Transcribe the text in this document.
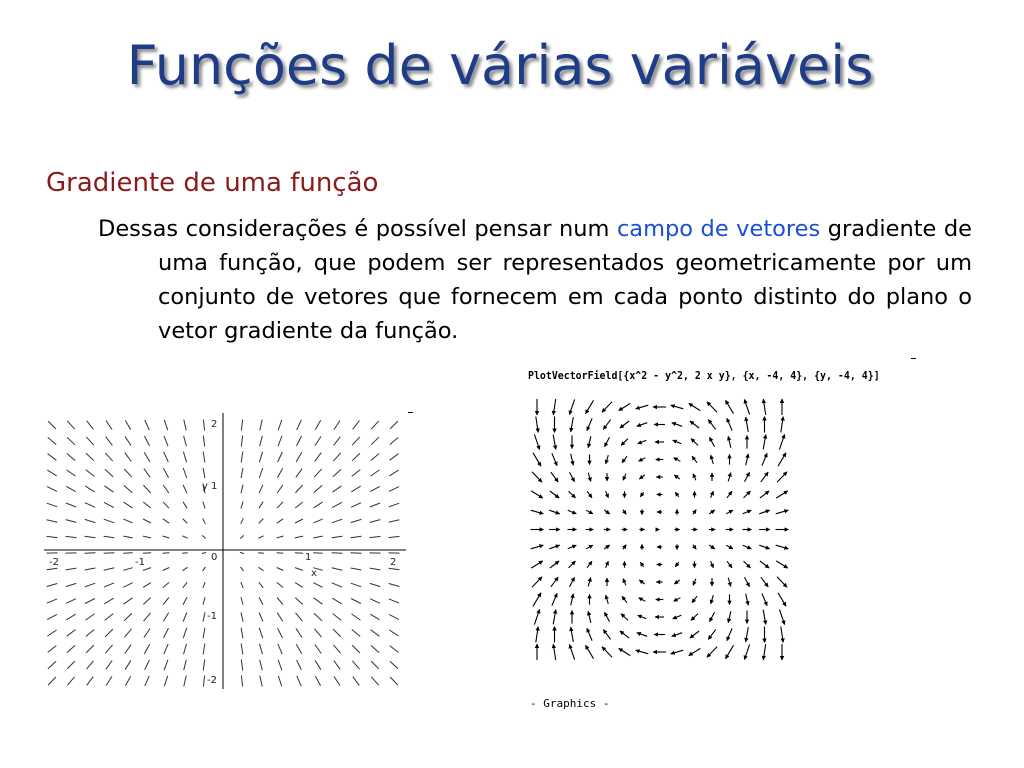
Funções de várias variáveis
Gradiente de uma função
Dessas considerações é possível pensar num campo de vetores gradiente de uma função, que podem ser representados geometricamente por um conjunto de vetores que fornecem em cada ponto distinto do plano o vetor gradiente da função.
-2	-1	0	1	2
x
y
2
1
-1
-2
PlotVectorField[{x^2 - y^2, 2 x y}, {x, -4, 4}, {y, -4, 4}]
- Graphics -
